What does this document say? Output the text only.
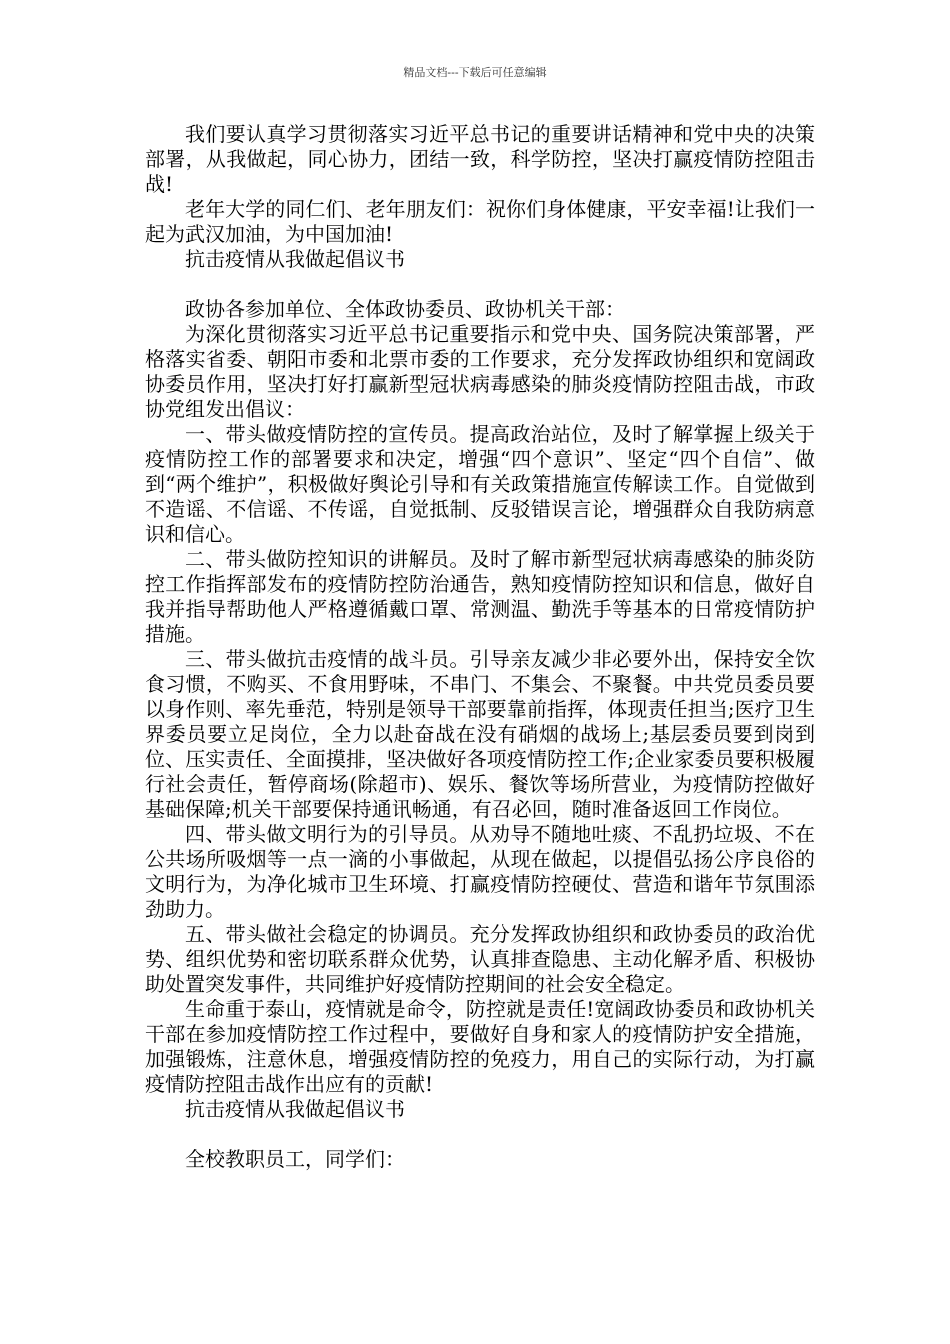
精品文档---下载后可任意编辑

我们要认真学习贯彻落实习近平总书记的重要讲话精神和党中央的决策部署，从我做起，同心协力，团结一致，科学防控，坚决打赢疫情防控阻击战!

老年大学的同仁们、老年朋友们：祝你们身体健康，平安幸福!让我们一起为武汉加油，为中国加油!

抗击疫情从我做起倡议书

政协各参加单位、全体政协委员、政协机关干部：

为深化贯彻落实习近平总书记重要指示和党中央、国务院决策部署，严格落实省委、朝阳市委和北票市委的工作要求，充分发挥政协组织和宽阔政协委员作用，坚决打好打赢新型冠状病毒感染的肺炎疫情防控阻击战，市政协党组发出倡议：

一、带头做疫情防控的宣传员。提高政治站位，及时了解掌握上级关于疫情防控工作的部署要求和决定，增强“四个意识”、坚定“四个自信”、做到“两个维护”，积极做好舆论引导和有关政策措施宣传解读工作。自觉做到不造谣、不信谣、不传谣，自觉抵制、反驳错误言论，增强群众自我防病意识和信心。

二、带头做防控知识的讲解员。及时了解市新型冠状病毒感染的肺炎防控工作指挥部发布的疫情防控防治通告，熟知疫情防控知识和信息，做好自我并指导帮助他人严格遵循戴口罩、常测温、勤洗手等基本的日常疫情防护措施。

三、带头做抗击疫情的战斗员。引导亲友减少非必要外出，保持安全饮食习惯，不购买、不食用野味，不串门、不集会、不聚餐。中共党员委员要以身作则、率先垂范，特别是领导干部要靠前指挥，体现责任担当;医疗卫生界委员要立足岗位，全力以赴奋战在没有硝烟的战场上;基层委员要到岗到位、压实责任、全面摸排，坚决做好各项疫情防控工作;企业家委员要积极履行社会责任，暂停商场(除超市)、娱乐、餐饮等场所营业，为疫情防控做好基础保障;机关干部要保持通讯畅通，有召必回，随时准备返回工作岗位。

四、带头做文明行为的引导员。从劝导不随地吐痰、不乱扔垃圾、不在公共场所吸烟等一点一滴的小事做起，从现在做起，以提倡弘扬公序良俗的文明行为，为净化城市卫生环境、打赢疫情防控硬仗、营造和谐年节氛围添劲助力。

五、带头做社会稳定的协调员。充分发挥政协组织和政协委员的政治优势、组织优势和密切联系群众优势，认真排查隐患、主动化解矛盾、积极协助处置突发事件，共同维护好疫情防控期间的社会安全稳定。

生命重于泰山，疫情就是命令，防控就是责任!宽阔政协委员和政协机关干部在参加疫情防控工作过程中，要做好自身和家人的疫情防护安全措施，加强锻炼，注意休息，增强疫情防控的免疫力，用自己的实际行动，为打赢疫情防控阻击战作出应有的贡献!

抗击疫情从我做起倡议书

全校教职员工，同学们：
